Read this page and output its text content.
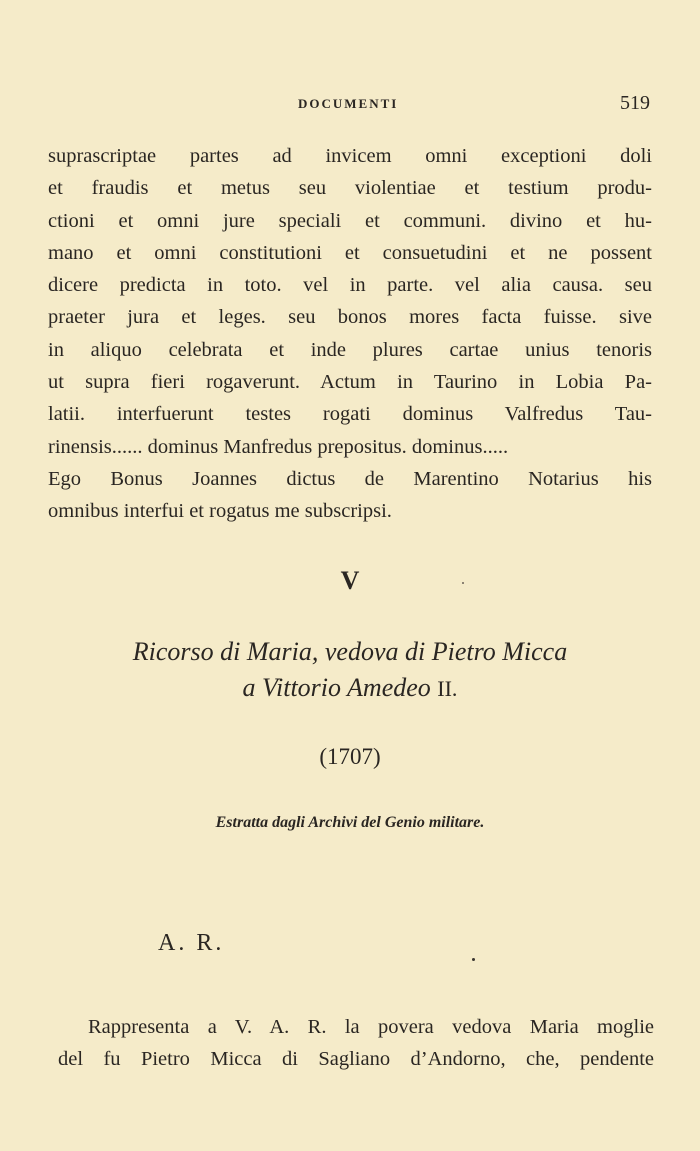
DOCUMENTI	519
suprascriptae partes ad invicem omni exceptioni doli
et fraudis et metus seu violentiae et testium produ-
ctioni et omni jure speciali et communi. divino et hu-
mano et omni constitutioni et consuetudini et ne possent
dicere predicta in toto. vel in parte. vel alia causa. seu
praeter jura et leges. seu bonos mores facta fuisse. sive
in aliquo celebrata et inde plures cartae unius tenoris
ut supra fieri rogaverunt. Actum in Taurino in Lobia Pa-
latii. interfuerunt testes rogati dominus Valfredus Tau-
rinensis...... dominus Manfredus prepositus. dominus.....
Ego Bonus Joannes dictus de Marentino Notarius his
omnibus interfui et rogatus me subscripsi.
V
Ricorso di Maria, vedova di Pietro Micca
a Vittorio Amedeo II.
(1707)
Estratta dagli Archivi del Genio militare.
A. R.
Rappresenta a V. A. R. la povera vedova Maria moglie
del fu Pietro Micca di Sagliano d’Andorno, che, pendente
